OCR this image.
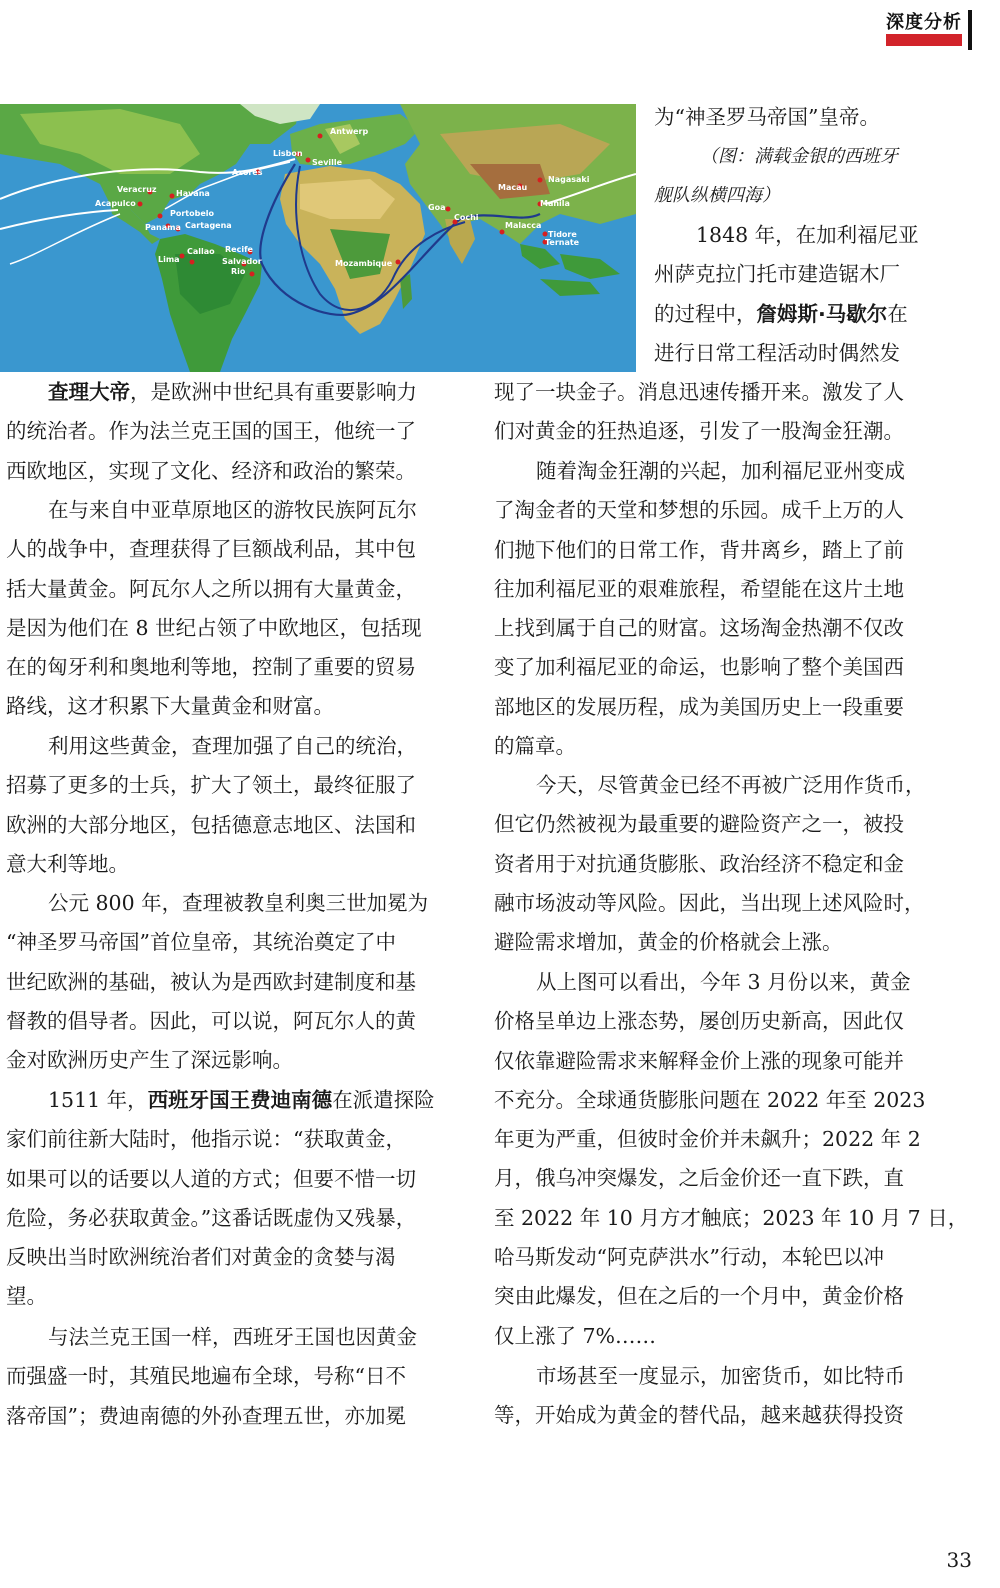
深度分析
Antwerp
Lisbon
Seville
Azores
Veracruz Havana
Acapulco
Portobelo
Panama Cartagena
Lima
Callao Recife
Salvador
Rio
Mozambique
Goa
Cochi
Macau
Nagasaki
Manila
Malacca
Tidore
Ternate
为“神圣罗马帝国”皇帝。
（图：满载金银的西班牙
舰队纵横四海）
1848 年，在加利福尼亚
州萨克拉门托市建造锯木厂
的过程中，詹姆斯·马歇尔在
进行日常工程活动时偶然发
现了一块金子。消息迅速传播开来。激发了人
们对黄金的狂热追逐，引发了一股淘金狂潮。
随着淘金狂潮的兴起，加利福尼亚州变成
了淘金者的天堂和梦想的乐园。成千上万的人
们抛下他们的日常工作，背井离乡，踏上了前
往加利福尼亚的艰难旅程，希望能在这片土地
上找到属于自己的财富。这场淘金热潮不仅改
变了加利福尼亚的命运，也影响了整个美国西
部地区的发展历程，成为美国历史上一段重要
的篇章。
今天，尽管黄金已经不再被广泛用作货币，
但它仍然被视为最重要的避险资产之一，被投
资者用于对抗通货膨胀、政治经济不稳定和金
融市场波动等风险。因此，当出现上述风险时，
避险需求增加，黄金的价格就会上涨。
从上图可以看出，今年 3 月份以来，黄金
价格呈单边上涨态势，屡创历史新高，因此仅
仅依靠避险需求来解释金价上涨的现象可能并
不充分。全球通货膨胀问题在 2022 年至 2023
年更为严重，但彼时金价并未飙升；2022 年 2
月，俄乌冲突爆发，之后金价还一直下跌，直
至 2022 年 10 月方才触底；2023 年 10 月 7 日，
哈马斯发动“阿克萨洪水”行动，本轮巴以冲
突由此爆发，但在之后的一个月中，黄金价格
仅上涨了 7%……
市场甚至一度显示，加密货币，如比特币
等，开始成为黄金的替代品，越来越获得投资
查理大帝，是欧洲中世纪具有重要影响力
的统治者。作为法兰克王国的国王，他统一了
西欧地区，实现了文化、经济和政治的繁荣。
在与来自中亚草原地区的游牧民族阿瓦尔
人的战争中，查理获得了巨额战利品，其中包
括大量黄金。阿瓦尔人之所以拥有大量黄金，
是因为他们在 8 世纪占领了中欧地区，包括现
在的匈牙利和奥地利等地，控制了重要的贸易
路线，这才积累下大量黄金和财富。
利用这些黄金，查理加强了自己的统治，
招募了更多的士兵，扩大了领土，最终征服了
欧洲的大部分地区，包括德意志地区、法国和
意大利等地。
公元 800 年，查理被教皇利奥三世加冕为
“神圣罗马帝国”首位皇帝，其统治奠定了中
世纪欧洲的基础，被认为是西欧封建制度和基
督教的倡导者。因此，可以说，阿瓦尔人的黄
金对欧洲历史产生了深远影响。
1511 年，西班牙国王费迪南德在派遣探险
家们前往新大陆时，他指示说：“获取黄金，
如果可以的话要以人道的方式；但要不惜一切
危险，务必获取黄金。”这番话既虚伪又残暴，
反映出当时欧洲统治者们对黄金的贪婪与渴
望。
与法兰克王国一样，西班牙王国也因黄金
而强盛一时，其殖民地遍布全球，号称“日不
落帝国”；费迪南德的外孙查理五世，亦加冕
33
